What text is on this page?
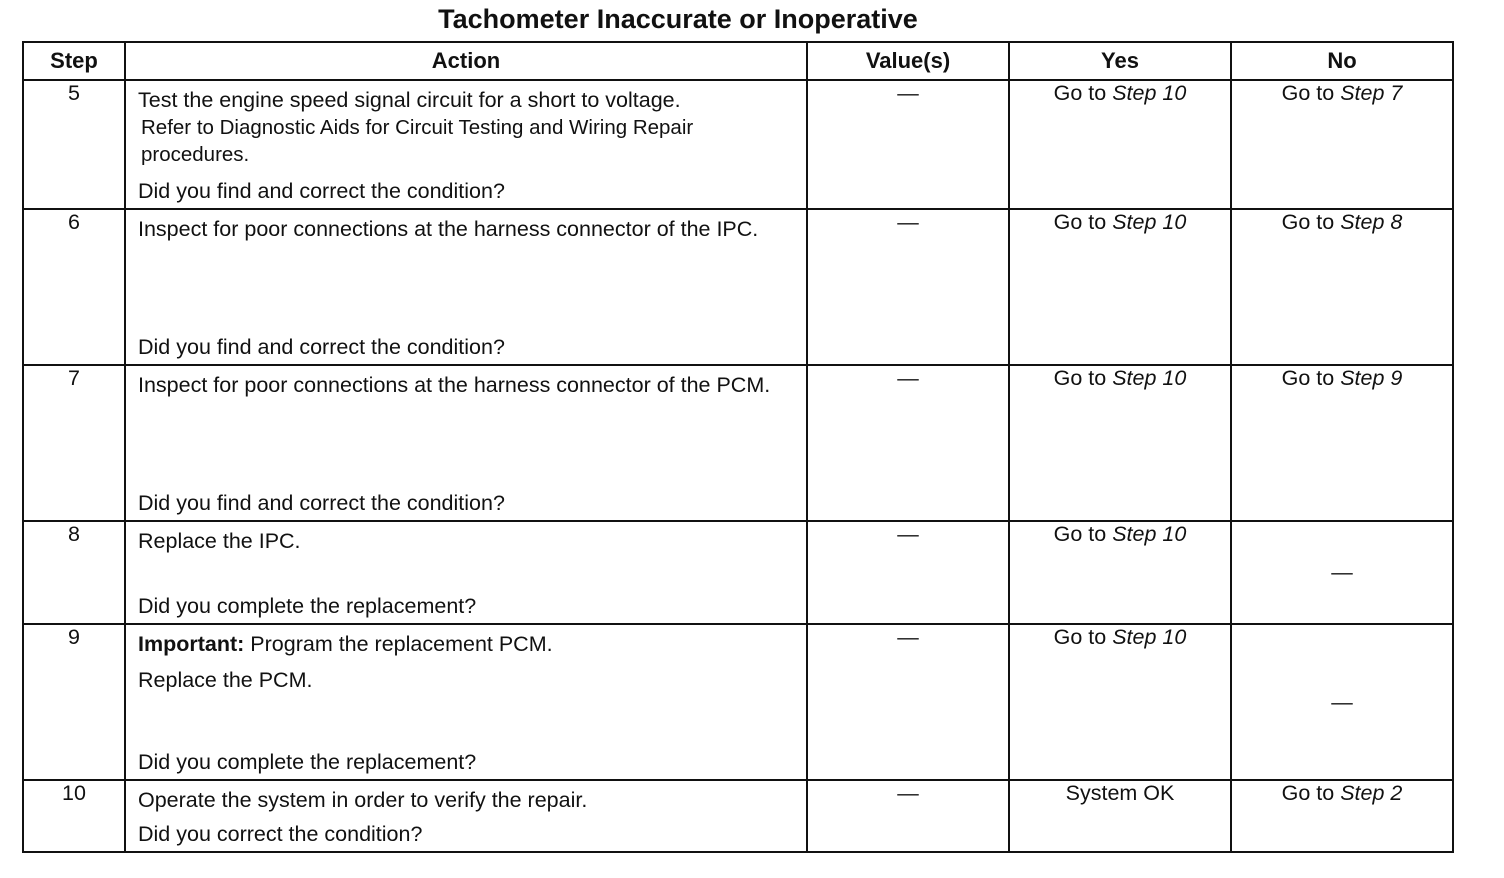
Tachometer Inaccurate or Inoperative
Step	Action	Value(s)	Yes	No
5	Test the engine speed signal circuit for a short to voltage.
Refer to Diagnostic Aids for Circuit Testing and Wiring Repair procedures.
Did you find and correct the condition?	—	Go to Step 10	Go to Step 7
6	Inspect for poor connections at the harness connector of the IPC.
Did you find and correct the condition?	—	Go to Step 10	Go to Step 8
7	Inspect for poor connections at the harness connector of the PCM.
Did you find and correct the condition?	—	Go to Step 10	Go to Step 9
8	Replace the IPC.
Did you complete the replacement?	—	Go to Step 10	—
9	Important: Program the replacement PCM.
Replace the PCM.
Did you complete the replacement?	—	Go to Step 10	—
10	Operate the system in order to verify the repair.
Did you correct the condition?	—	System OK	Go to Step 2
